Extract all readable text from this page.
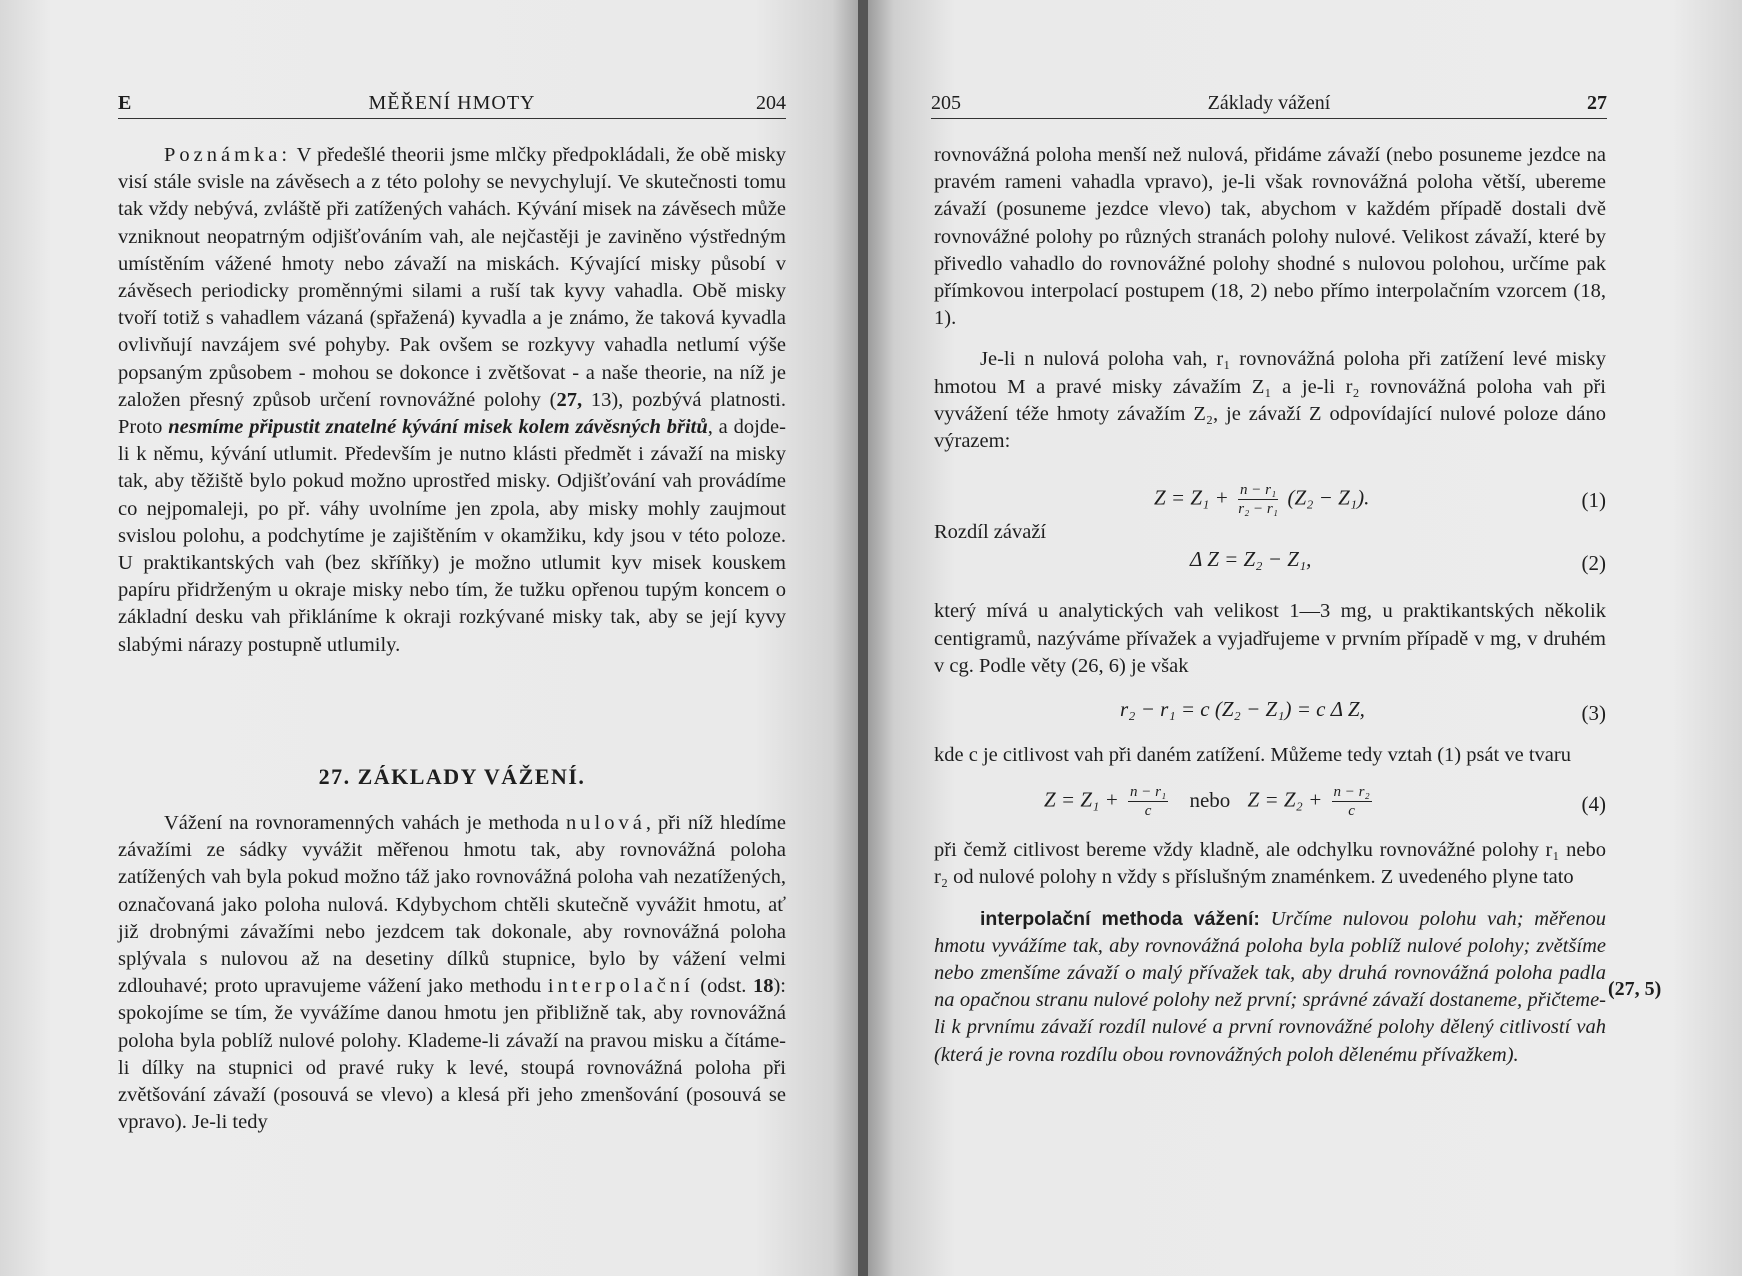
E	MĚŘENÍ HMOTY	204

Poznámka: V předešlé theorii jsme mlčky předpokládali, že obě misky visí stále svisle na závěsech a z této polohy se nevychylují. Ve skutečnosti tomu tak vždy nebývá, zvláště při zatížených vahách. Kývání misek na závěsech může vzniknout neopatrným odjišťováním vah, ale nejčastěji je zaviněno výstředným umístěním vážené hmoty nebo závaží na miskách. Kývající misky působí v závěsech periodicky proměnnými silami a ruší tak kyvy vahadla. Obě misky tvoří totiž s vahadlem vázaná (spřažená) kyvadla a je známo, že taková kyvadla ovlivňují navzájem své pohyby. Pak ovšem se rozkyvy vahadla netlumí výše popsaným způsobem - mohou se dokonce i zvětšovat - a naše theorie, na níž je založen přesný způsob určení rovnovážné polohy (27, 13), pozbývá platnosti. Proto nesmíme připustit znatelné kývání misek kolem závěsných břitů, a dojde-li k němu, kývání utlumit. Především je nutno klásti předmět i závaží na misky tak, aby těžiště bylo pokud možno uprostřed misky. Odjišťování vah provádíme co nejpomaleji, po př. váhy uvolníme jen zpola, aby misky mohly zaujmout svislou polohu, a podchytíme je zajištěním v okamžiku, kdy jsou v této poloze. U praktikantských vah (bez skříňky) je možno utlumit kyv misek kouskem papíru přidrženým u okraje misky nebo tím, že tužku opřenou tupým koncem o základní desku vah přikláníme k okraji rozkývané misky tak, aby se její kyvy slabými nárazy postupně utlumily.

27. ZÁKLADY VÁŽENÍ.

Vážení na rovnoramenných vahách je methoda nulová, při níž hledíme závažími ze sádky vyvážit měřenou hmotu tak, aby rovnovážná poloha zatížených vah byla pokud možno táž jako rovnovážná poloha vah nezatížených, označovaná jako poloha nulová. Kdybychom chtěli skutečně vyvážit hmotu, ať již drobnými závažími nebo jezdcem tak dokonale, aby rovnovážná poloha splývala s nulovou až na desetiny dílků stupnice, bylo by vážení velmi zdlouhavé; proto upravujeme vážení jako methodu interpolační (odst. 18): spokojíme se tím, že vyvážíme danou hmotu jen přibližně tak, aby rovnovážná poloha byla poblíž nulové polohy. Klademe-li závaží na pravou misku a čítáme-li dílky na stupnici od pravé ruky k levé, stoupá rovnovážná poloha při zvětšování závaží (posouvá se vlevo) a klesá při jeho zmenšování (posouvá se vpravo). Je-li tedy

205	Základy vážení	27

rovnovážná poloha menší než nulová, přidáme závaží (nebo posuneme jezdce na pravém rameni vahadla vpravo), je-li však rovnovážná poloha větší, ubereme závaží (posuneme jezdce vlevo) tak, abychom v každém případě dostali dvě rovnovážné polohy po různých stranách polohy nulové. Velikost závaží, které by přivedlo vahadlo do rovnovážné polohy shodné s nulovou polohou, určíme pak přímkovou interpolací postupem (18, 2) nebo přímo interpolačním vzorcem (18, 1).

Je-li n nulová poloha vah, r₁ rovnovážná poloha při zatížení levé misky hmotou M a pravé misky závažím Z₁ a je-li r₂ rovnovážná poloha vah při vyvážení téže hmoty závažím Z₂, je závaží Z odpovídající nulové poloze dáno výrazem:

$Z = Z_1 + \frac{\text{n − r₁}}{\text{r₂ − r₁}} (Z_2 - Z_1)$.	(1)
Rozdíl závaží
Δ Z = Z₂ − Z₁,	(2)

který mívá u analytických vah velikost 1—3 mg, u praktikantských několik centigramů, nazýváme přívažek a vyjadřujeme v prvním případě v mg, v druhém v cg. Podle věty (26, 6) je však

r₂ − r₁ = c (Z₂ − Z₁) = c Δ Z,	(3)

kde c je citlivost vah při daném zatížení. Můžeme tedy vztah (1) psát ve tvaru

$Z = Z_1 + \frac{\text{n − r₁}}{c}$ nebo $Z = Z_2 + \frac{\text{n − r₂}}{c}$	(4)

při čemž citlivost bereme vždy kladně, ale odchylku rovnovážné polohy r₁ nebo r₂ od nulové polohy n vždy s příslušným znaménkem. Z uvedeného plyne tato

interpolační methoda vážení: Určíme nulovou polohu vah; měřenou hmotu vyvážíme tak, aby rovnovážná poloha byla poblíž nulové polohy; zvětšíme nebo zmenšíme závaží o malý přívažek tak, aby druhá rovnovážná poloha padla na opačnou stranu nulové polohy než první; správné závaží dostaneme, přičteme-li k prvnímu závaží rozdíl nulové a první rovnovážné polohy dělený citlivostí vah (která je rovna rozdílu obou rovnovážných poloh dělenému přívažkem).

(27, 5)
